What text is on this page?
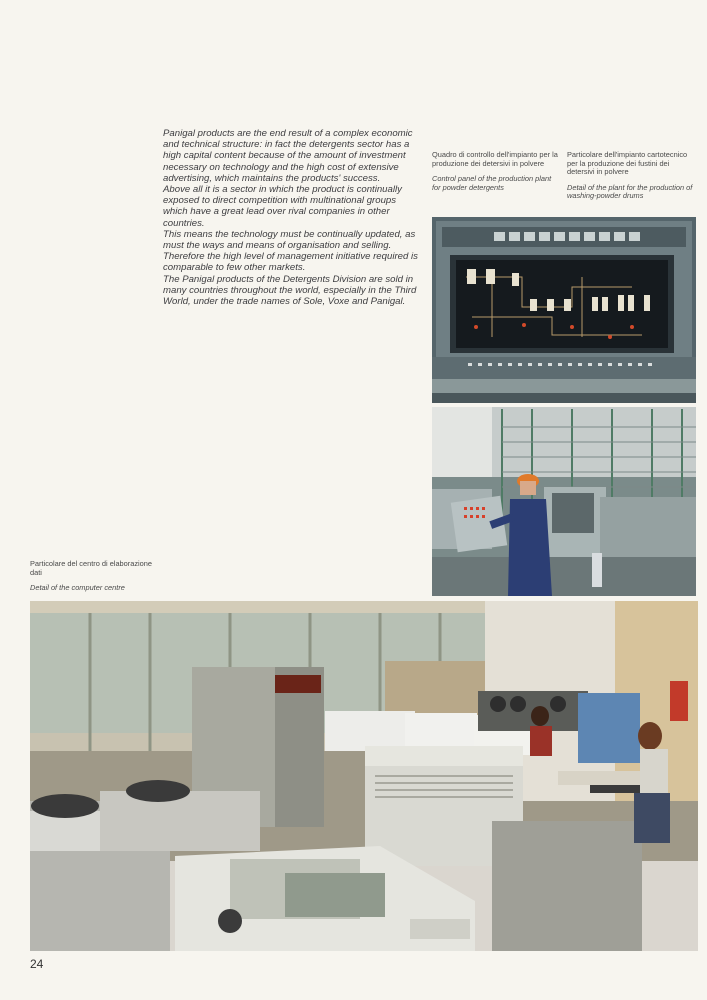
Panigal products are the end result of a complex economic and technical structure: in fact the detergents sector has a high capital content because of the amount of investment necessary on technology and the high cost of extensive advertising, which maintains the products' success.

Above all it is a sector in which the product is continually exposed to direct competition with multinational groups which have a great lead over rival companies in other countries.

This means the technology must be continually updated, as must the ways and means of organisation and selling.

Therefore the high level of management initiative required is comparable to few other markets.

The Panigal products of the Detergents Division are sold in many countries throughout the world, especially in the Third World, under the trade names of Sole, Voxe and Panigal.

Quadro di controllo dell'impianto per la produzione dei detersivi in polvere
Control panel of the production plant for powder detergents
Particolare dell'impianto cartotecnico per la produzione dei fustini dei detersivi in polvere
Detail of the plant for the production of washing-powder drums
Particolare del centro di elaborazione dati
Detail of the computer centre
24
